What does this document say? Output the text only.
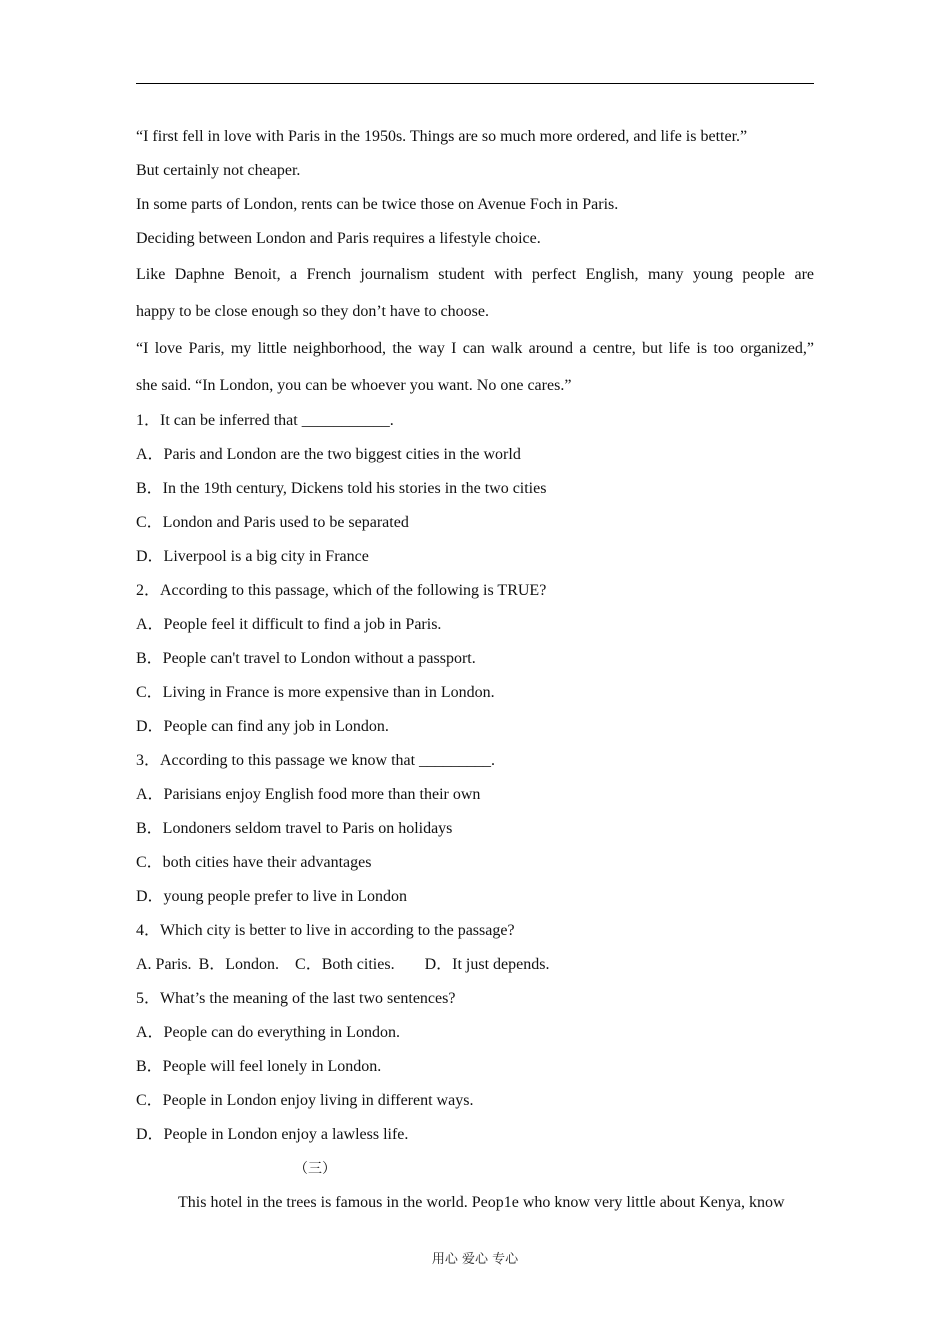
“I first fell in love with Paris in the 1950s. Things are so much more ordered, and life is better.”

But certainly not cheaper.

In some parts of London, rents can be twice those on Avenue Foch in Paris.

Deciding between London and Paris requires a lifestyle choice.

Like Daphne Benoit, a French journalism student with perfect English, many young people are
happy to be close enough so they don’t have to choose.

“I love Paris, my little neighborhood, the way I can walk around a centre, but life is too organized,”
she said. “In London, you can be whoever you want. No one cares.”

1．It can be inferred that ___________.

A．Paris and London are the two biggest cities in the world

B．In the 19th century, Dickens told his stories in the two cities

C．London and Paris used to be separated

D．Liverpool is a big city in France

2．According to this passage, which of the following is TRUE?

A．People feel it difficult to find a job in Paris.

B．People can't travel to London without a passport.

C．Living in France is more expensive than in London.

D．People can find any job in London.

3．According to this passage we know that _________.

A．Parisians enjoy English food more than their own

B．Londoners seldom travel to Paris on holidays

C．both cities have their advantages

D．young people prefer to live in London

4．Which city is better to live in according to the passage?

A. Paris. B．London. C．Both cities. D．It just depends.

5．What’s the meaning of the last two sentences?

A．People can do everything in London.

B．People will feel lonely in London.

C．People in London enjoy living in different ways.

D．People in London enjoy a lawless life.

（三）

This hotel in the trees is famous in the world. Peop1e who know very little about Kenya, know

用心 爱心 专心
